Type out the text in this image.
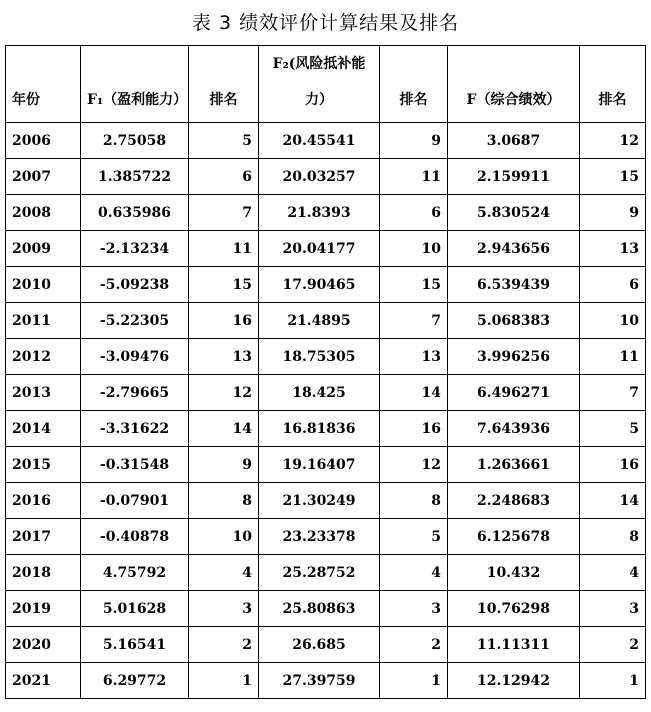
表 3 绩效评价计算结果及排名
年份	F₁（盈利能力）	排名	F₂(风险抵补能力）	排名	F（综合绩效）	排名
2006	2.75058	5	20.45541	9	3.0687	12
2007	1.385722	6	20.03257	11	2.159911	15
2008	0.635986	7	21.8393	6	5.830524	9
2009	-2.13234	11	20.04177	10	2.943656	13
2010	-5.09238	15	17.90465	15	6.539439	6
2011	-5.22305	16	21.4895	7	5.068383	10
2012	-3.09476	13	18.75305	13	3.996256	11
2013	-2.79665	12	18.425	14	6.496271	7
2014	-3.31622	14	16.81836	16	7.643936	5
2015	-0.31548	9	19.16407	12	1.263661	16
2016	-0.07901	8	21.30249	8	2.248683	14
2017	-0.40878	10	23.23378	5	6.125678	8
2018	4.75792	4	25.28752	4	10.432	4
2019	5.01628	3	25.80863	3	10.76298	3
2020	5.16541	2	26.685	2	11.11311	2
2021	6.29772	1	27.39759	1	12.12942	1
